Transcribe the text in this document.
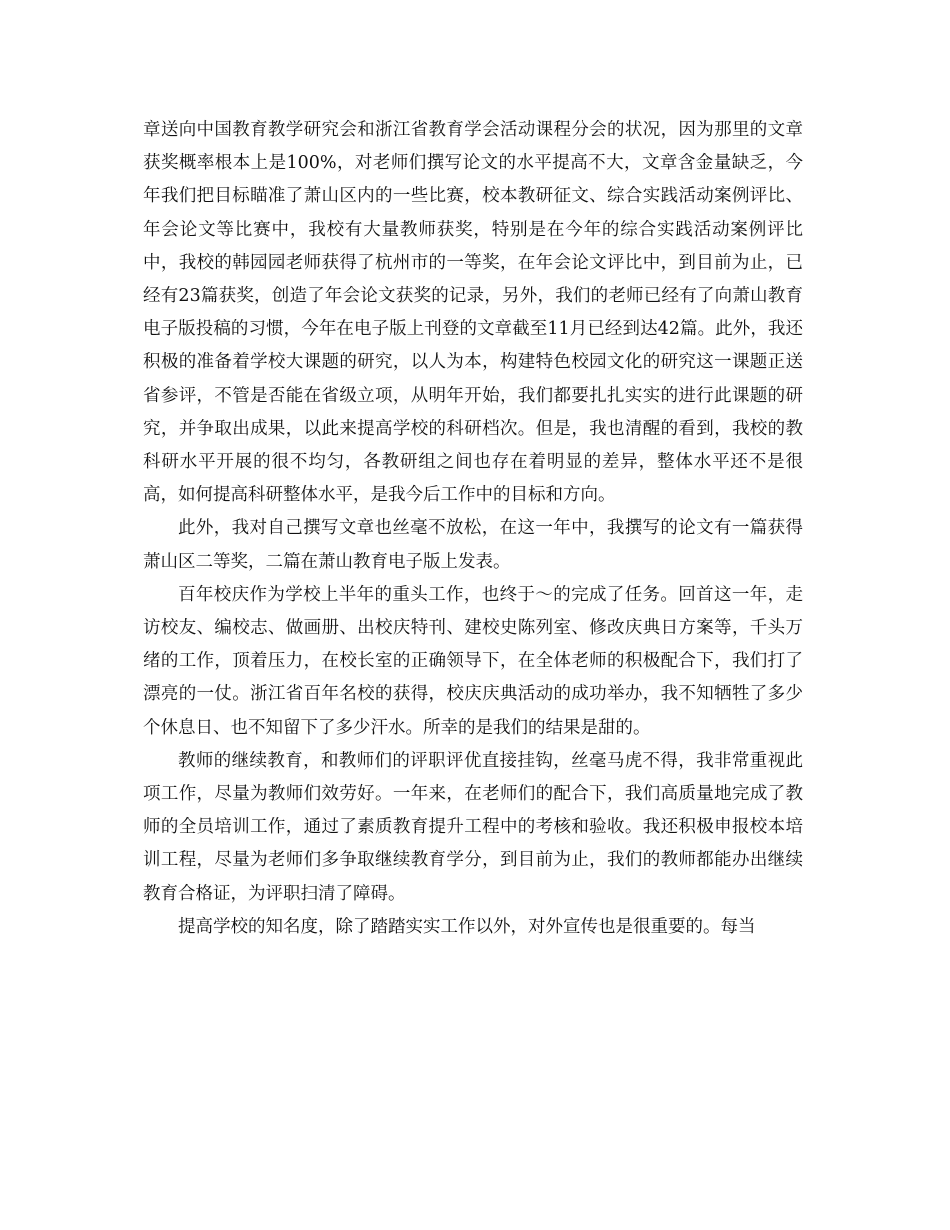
章送向中国教育教学研究会和浙江省教育学会活动课程分会的状况，因为那里的文章获奖概率根本上是100%，对老师们撰写论文的水平提高不大，文章含金量缺乏，今年我们把目标瞄准了萧山区内的一些比赛，校本教研征文、综合实践活动案例评比、年会论文等比赛中，我校有大量教师获奖，特别是在今年的综合实践活动案例评比中，我校的韩园园老师获得了杭州市的一等奖，在年会论文评比中，到目前为止，已经有23篇获奖，创造了年会论文获奖的记录，另外，我们的老师已经有了向萧山教育电子版投稿的习惯，今年在电子版上刊登的文章截至11月已经到达42篇。此外，我还积极的准备着学校大课题的研究，以人为本，构建特色校园文化的研究这一课题正送省参评，不管是否能在省级立项，从明年开始，我们都要扎扎实实的进行此课题的研究，并争取出成果，以此来提高学校的科研档次。但是，我也清醒的看到，我校的教科研水平开展的很不均匀，各教研组之间也存在着明显的差异，整体水平还不是很高，如何提高科研整体水平，是我今后工作中的目标和方向。

此外，我对自己撰写文章也丝毫不放松，在这一年中，我撰写的论文有一篇获得萧山区二等奖，二篇在萧山教育电子版上发表。

百年校庆作为学校上半年的重头工作，也终于～的完成了任务。回首这一年，走访校友、编校志、做画册、出校庆特刊、建校史陈列室、修改庆典日方案等，千头万绪的工作，顶着压力，在校长室的正确领导下，在全体老师的积极配合下，我们打了漂亮的一仗。浙江省百年名校的获得，校庆庆典活动的成功举办，我不知牺牲了多少个休息日、也不知留下了多少汗水。所幸的是我们的结果是甜的。

教师的继续教育，和教师们的评职评优直接挂钩，丝毫马虎不得，我非常重视此项工作，尽量为教师们效劳好。一年来，在老师们的配合下，我们高质量地完成了教师的全员培训工作，通过了素质教育提升工程中的考核和验收。我还积极申报校本培训工程，尽量为老师们多争取继续教育学分，到目前为止，我们的教师都能办出继续教育合格证，为评职扫清了障碍。

提高学校的知名度，除了踏踏实实工作以外，对外宣传也是很重要的。每当
